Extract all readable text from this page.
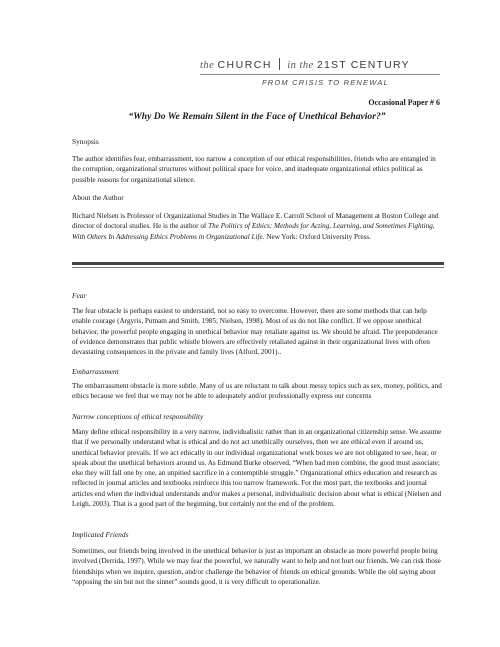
the CHURCH in the 21ST CENTURY
FROM CRISIS TO RENEWAL
Occasional Paper # 6
“Why Do We Remain Silent in the Face of Unethical Behavior?”
Synopsis
The author identifies fear, embarrassment, too narrow a conception of our ethical responsibilities, friends who are entangled in the corruption, organizational structures without political space for voice, and inadequate organizational ethics political as possible reasons for organizational silence.
About the Author
Richard Nielsen is Professor of Organizational Studies in The Wallace E. Carroll School of Management at Boston College and director of doctoral studies. He is the author of The Politics of Ethics: Methods for Acting, Learning, and Sometimes Fighting, With Others In Addressing Ethics Problems in Organizational Life. New York: Oxford University Press.
Fear
The fear obstacle is perhaps easiest to understand, not so easy to overcome. However, there are some methods that can help enable courage (Argyris, Putnam and Smith, 1985; Nielsen, 1998). Most of us do not like conflict. If we oppose unethical behavior, the powerful people engaging in unethical behavior may retaliate against us. We should be afraid. The preponderance of evidence demonstrates that public whistle blowers are effectively retaliated against in their organizational lives with often devastating consequences in the private and family lives (Alford, 2001)..
Embarrassment
The embarrassment obstacle is more subtle. Many of us are reluctant to talk about messy topics such as sex, money, politics, and ethics because we feel that we may not be able to adequately and/or professionally express our concerns
Narrow conceptions of ethical responsibility
Many define ethical responsibility in a very narrow, individualistic rather than in an organizational citizenship sense. We assume that if we personally understand what is ethical and do not act unethically ourselves, then we are ethical even if around us, unethical behavior prevails. If we act ethically in our individual organizational work boxes we are not obligated to see, hear, or speak about the unethical behaviors around us. As Edmund Burke observed, “When bad men combine, the good must associate; else they will fall one by one, an unpitied sacrifice in a contemptible struggle.” Organizational ethics education and research as reflected in journal articles and textbooks reinforce this too narrow framework. For the most part, the textbooks and journal articles end when the individual understands and/or makes a personal, individualistic decision about what is ethical (Nielsen and Leigh, 2003). That is a good part of the beginning, but certainly not the end of the problem.
Implicated Friends
Sometimes, our friends being involved in the unethical behavior is just as important an obstacle as more powerful people being involved (Derrida, 1997). While we may fear the powerful, we naturally want to help and not hurt our friends. We can risk those friendships when we inquire, question, and/or challenge the behavior of friends on ethical grounds. While the old saying about “opposing the sin but not the sinner” sounds good, it is very difficult to operationalize.
